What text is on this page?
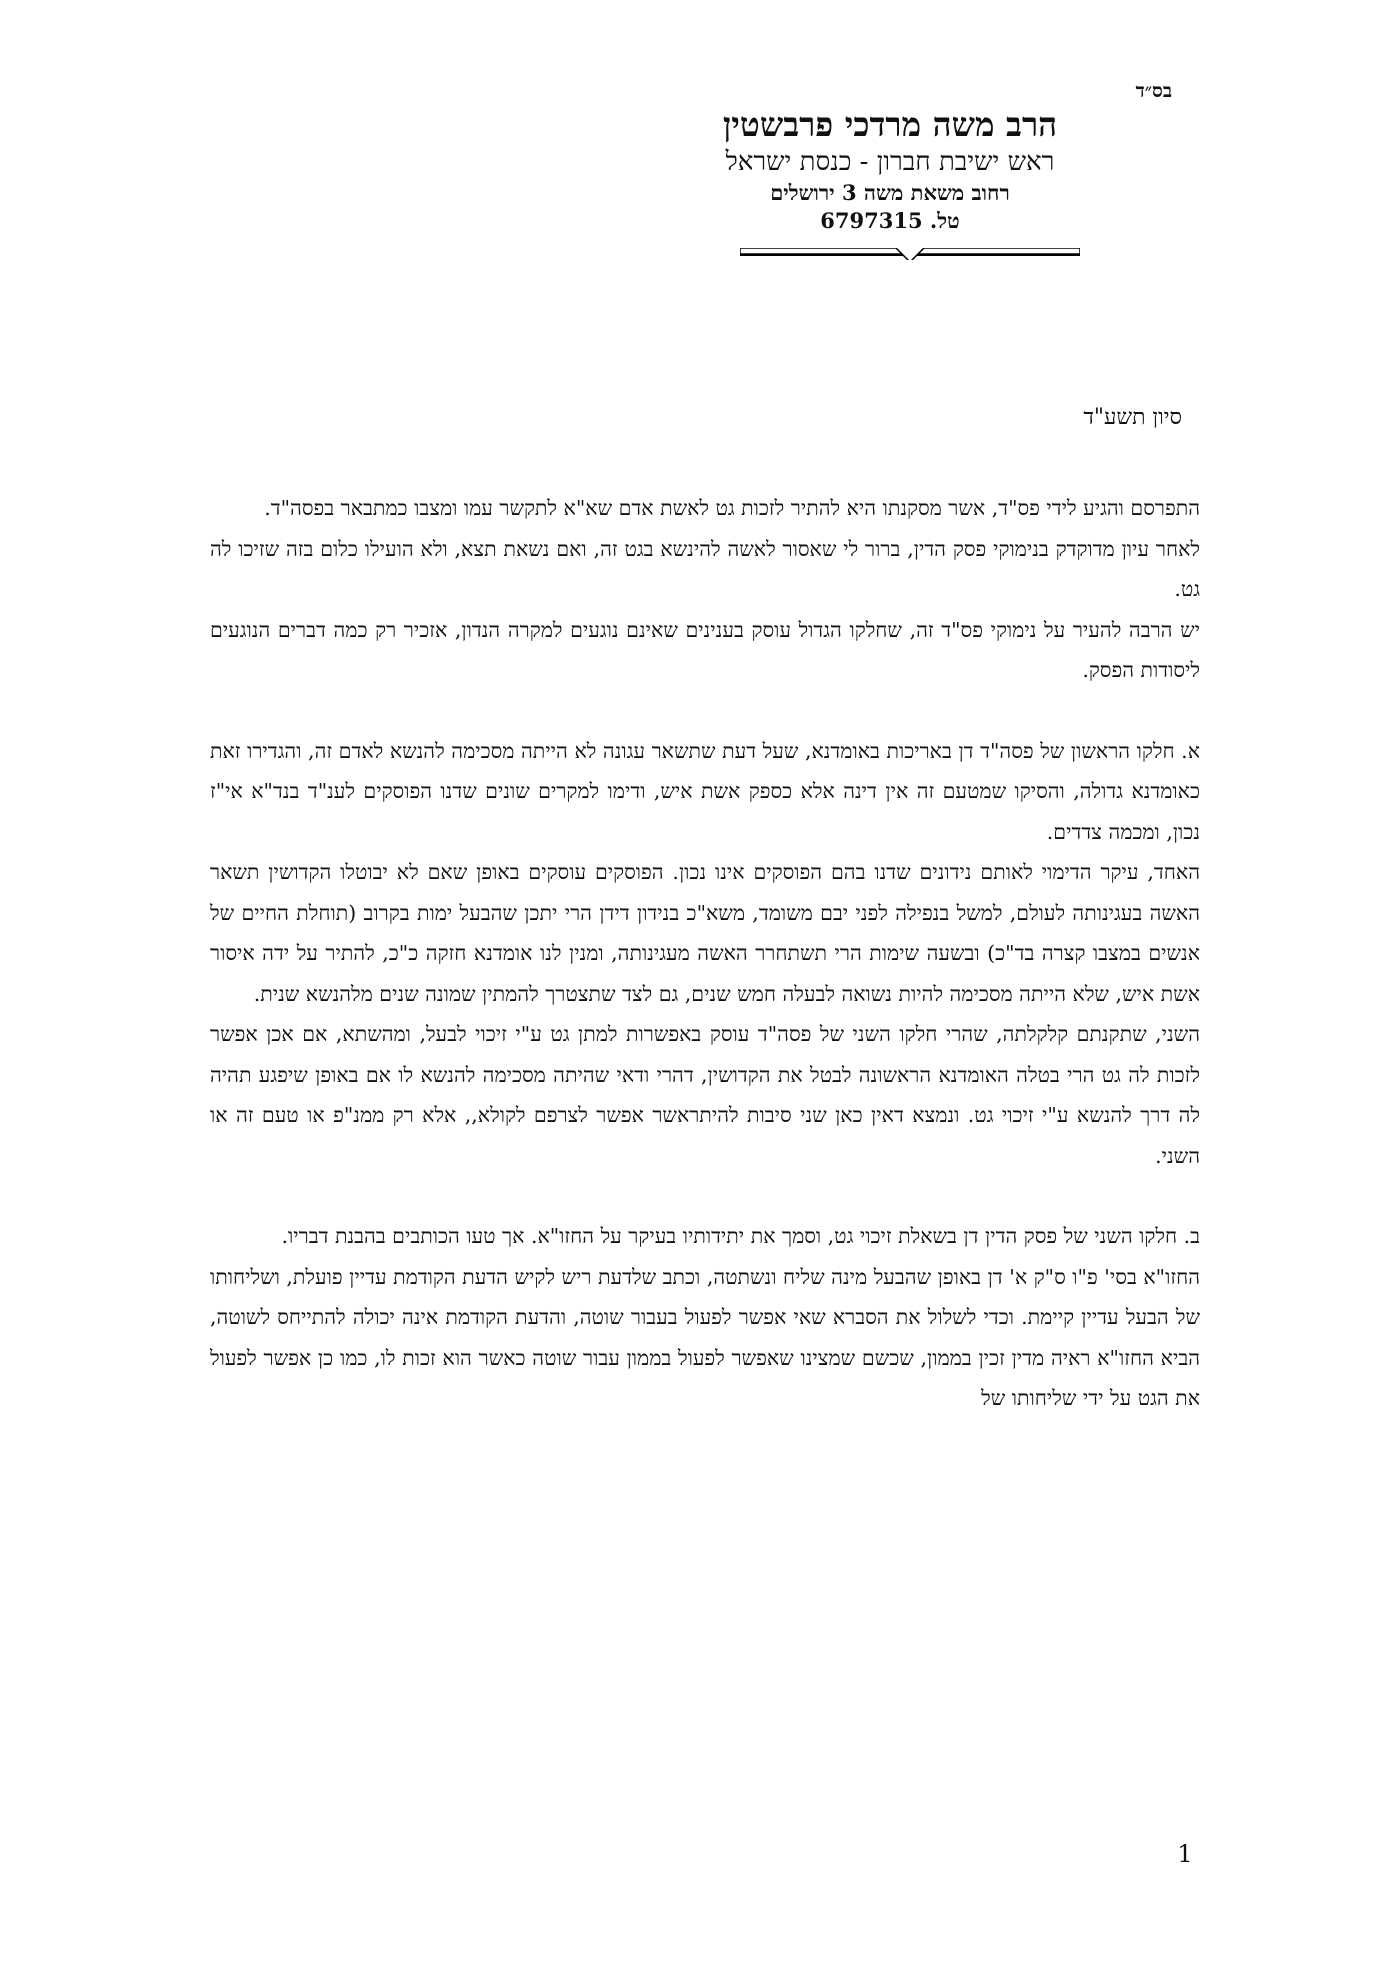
בס״ד
הרב משה מרדכי פרבשטין
ראש ישיבת חברון - כנסת ישראל
רחוב משאת משה 3 ירושלים
טל. 6797315
סיון תשע"ד

התפרסם והגיע לידי פס"ד, אשר מסקנתו היא להתיר לזכות גט לאשת אדם שא"א לתקשר עמו ומצבו כמתבאר בפסה"ד.

לאחר עיון מדוקדק בנימוקי פסק הדין, ברור לי שאסור לאשה להינשא בגט זה, ואם נשאת תצא, ולא הועילו כלום בזה שזיכו לה גט.

יש הרבה להעיר על נימוקי פס"ד זה, שחלקו הגדול עוסק בענינים שאינם נוגעים למקרה הנדון, אזכיר רק כמה דברים הנוגעים ליסודות הפסק.

א. חלקו הראשון של פסה"ד דן באריכות באומדנא, שעל דעת שתשאר עגונה לא הייתה מסכימה להנשא לאדם זה, והגדירו זאת כאומדנא גדולה, והסיקו שמטעם זה אין דינה אלא כספק אשת איש, ודימו למקרים שונים שדנו הפוסקים לענ"ד בנד"א אי"ז נכון, ומכמה צדדים.

האחד, עיקר הדימוי לאותם נידונים שדנו בהם הפוסקים אינו נכון. הפוסקים עוסקים באופן שאם לא יבוטלו הקדושין תשאר האשה בעגינותה לעולם, למשל בנפילה לפני יבם משומד, משא"כ בנידון דידן הרי יתכן שהבעל ימות בקרוב (תוחלת החיים של אנשים במצבו קצרה בד"כ) ובשעה שימות הרי תשתחרר האשה מעגינותה, ומנין לנו אומדנא חזקה כ"כ, להתיר על ידה איסור אשת איש, שלא הייתה מסכימה להיות נשואה לבעלה חמש שנים, גם לצד שתצטרך להמתין שמונה שנים מלהנשא שנית.

השני, שתקנתם קלקלתה, שהרי חלקו השני של פסה"ד עוסק באפשרות למתן גט ע"י זיכוי לבעל, ומהשתא, אם אכן אפשר לזכות לה גט הרי בטלה האומדנא הראשונה לבטל את הקדושין, דהרי ודאי שהיתה מסכימה להנשא לו אם באופן שיפגע תהיה לה דרך להנשא ע"י זיכוי גט. ונמצא דאין כאן שני סיבות להיתראשר אפשר לצרפם לקולא,, אלא רק ממנ"פ או טעם זה או השני.

ב. חלקו השני של פסק הדין דן בשאלת זיכוי גט, וסמך את יתידותיו בעיקר על החזו"א. אך טעו הכותבים בהבנת דבריו.

החזו"א בסי' פ"ו ס"ק א' דן באופן שהבעל מינה שליח ונשתטה, וכתב שלדעת ריש לקיש הדעת הקודמת עדיין פועלת, ושליחותו של הבעל עדיין קיימת. וכדי לשלול את הסברא שאי אפשר לפעול בעבור שוטה, והדעת הקודמת אינה יכולה להתייחס לשוטה, הביא החזו"א ראיה מדין זכין בממון, שכשם שמצינו שאפשר לפעול בממון עבור שוטה כאשר הוא זכות לו, כמו כן אפשר לפעול את הגט על ידי שליחותו של

1
